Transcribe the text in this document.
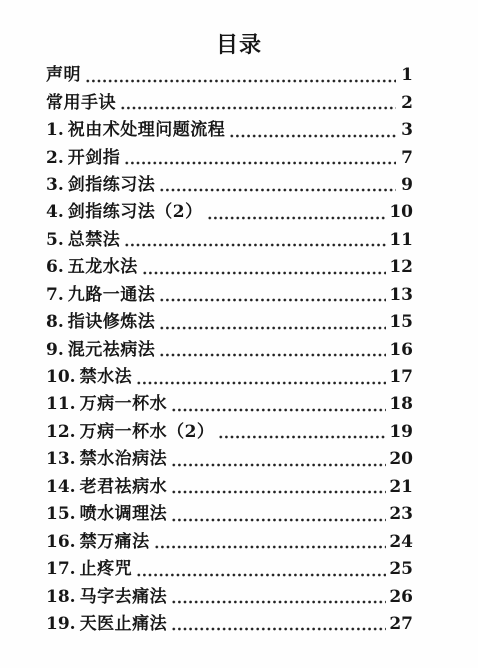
目录
声明	1
常用手诀	2
1. 祝由术处理问题流程	3
2. 开剑指	7
3. 剑指练习法	9
4. 剑指练习法（2）	10
5. 总禁法	11
6. 五龙水法	12
7. 九路一通法	13
8. 指诀修炼法	15
9. 混元祛病法	16
10. 禁水法	17
11. 万病一杯水	18
12. 万病一杯水（2）	19
13. 禁水治病法	20
14. 老君祛病水	21
15. 喷水调理法	23
16. 禁万痛法	24
17. 止疼咒	25
18. 马字去痛法	26
19. 天医止痛法	27
